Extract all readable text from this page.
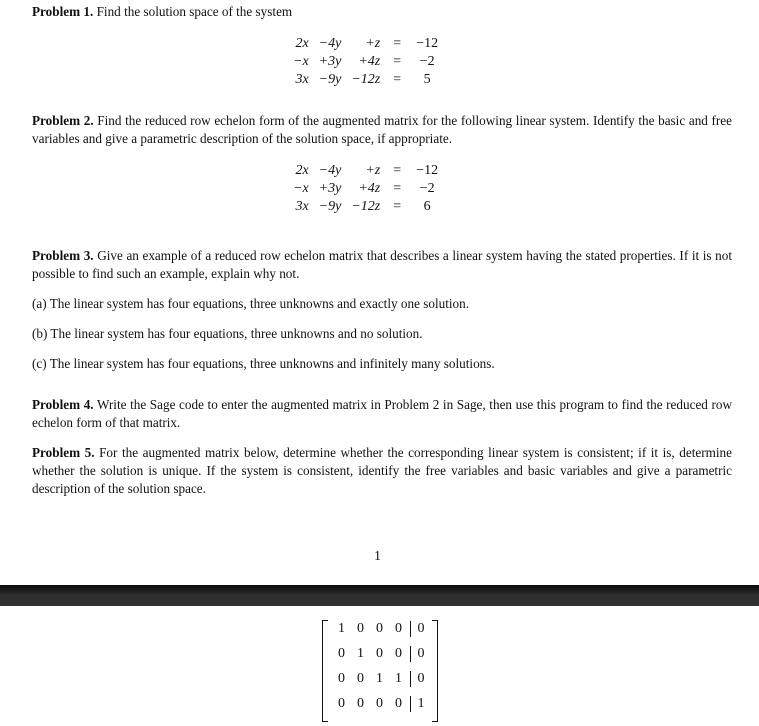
Problem 1. Find the solution space of the system
2x	−4y	+z	=	−12
−x	+3y	+4z	=	−2
3x	−9y	−12z	=	5
Problem 2. Find the reduced row echelon form of the augmented matrix for the following linear system. Identify the basic and free variables and give a parametric description of the solution space, if appropriate.
2x	−4y	+z	=	−12
−x	+3y	+4z	=	−2
3x	−9y	−12z	=	6
Problem 3. Give an example of a reduced row echelon matrix that describes a linear system having the stated properties. If it is not possible to find such an example, explain why not.
(a) The linear system has four equations, three unknowns and exactly one solution.
(b) The linear system has four equations, three unknowns and no solution.
(c) The linear system has four equations, three unknowns and infinitely many solutions.
Problem 4. Write the Sage code to enter the augmented matrix in Problem 2 in Sage, then use this program to find the reduced row echelon form of that matrix.
Problem 5. For the augmented matrix below, determine whether the corresponding linear system is consistent; if it is, determine whether the solution is unique. If the system is consistent, identify the free variables and basic variables and give a parametric description of the solution space.
1
1 0 0 0	0
0 1 0 0	0
0 0 1 1	0
0 0 0 0	1
